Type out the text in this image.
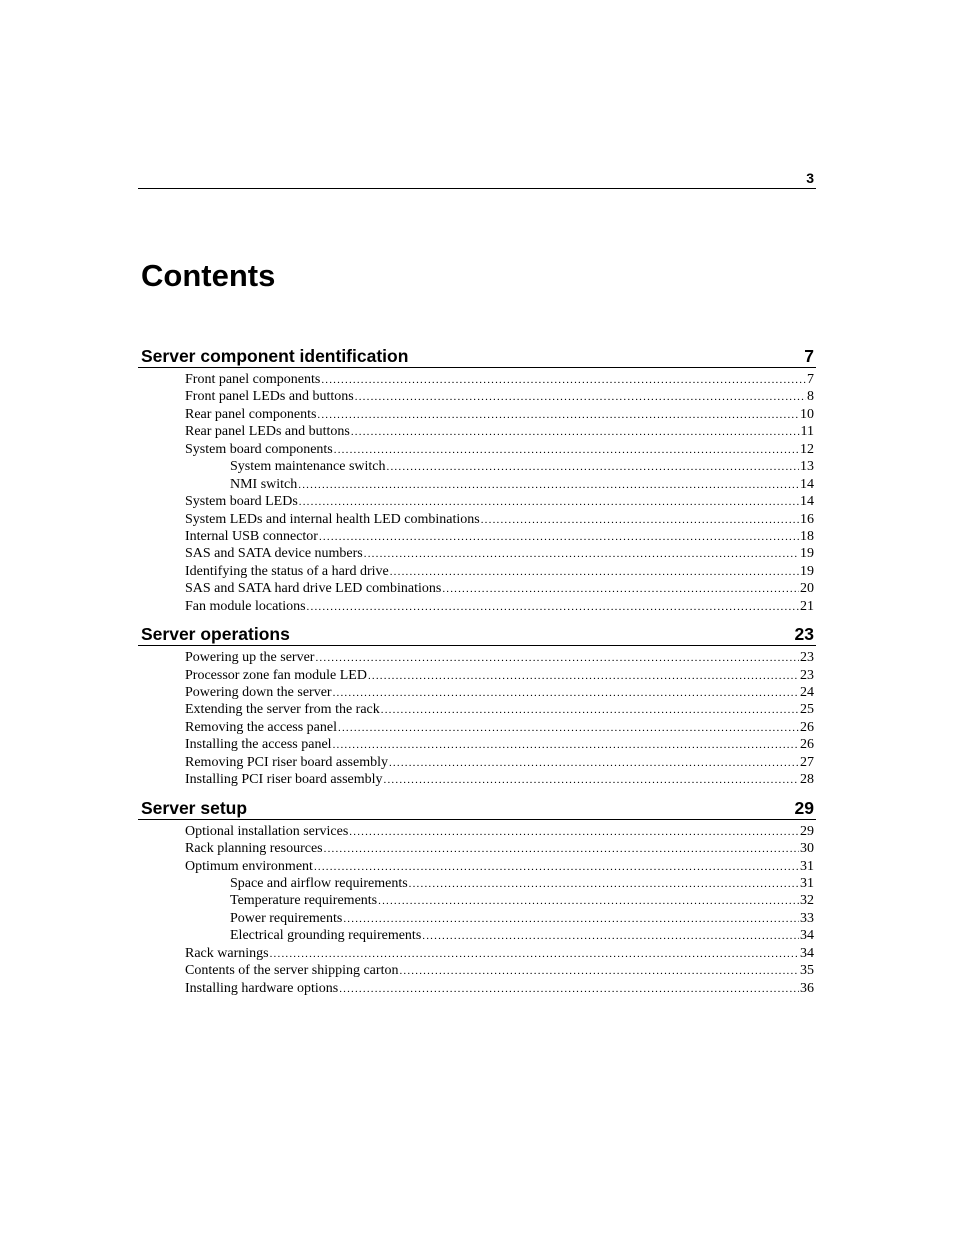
3
Contents
Server component identification	7
Front panel components .....	7
Front panel LEDs and buttons .....	8
Rear panel components .....	10
Rear panel LEDs and buttons .....	11
System board components .....	12
System maintenance switch .....	13
NMI switch .....	14
System board LEDs .....	14
System LEDs and internal health LED combinations .....	16
Internal USB connector .....	18
SAS and SATA device numbers .....	19
Identifying the status of a hard drive .....	19
SAS and SATA hard drive LED combinations .....	20
Fan module locations .....	21
Server operations	23
Powering up the server .....	23
Processor zone fan module LED .....	23
Powering down the server .....	24
Extending the server from the rack .....	25
Removing the access panel .....	26
Installing the access panel .....	26
Removing PCI riser board assembly .....	27
Installing PCI riser board assembly .....	28
Server setup	29
Optional installation services .....	29
Rack planning resources .....	30
Optimum environment .....	31
Space and airflow requirements .....	31
Temperature requirements .....	32
Power requirements .....	33
Electrical grounding requirements .....	34
Rack warnings .....	34
Contents of the server shipping carton .....	35
Installing hardware options .....	36
